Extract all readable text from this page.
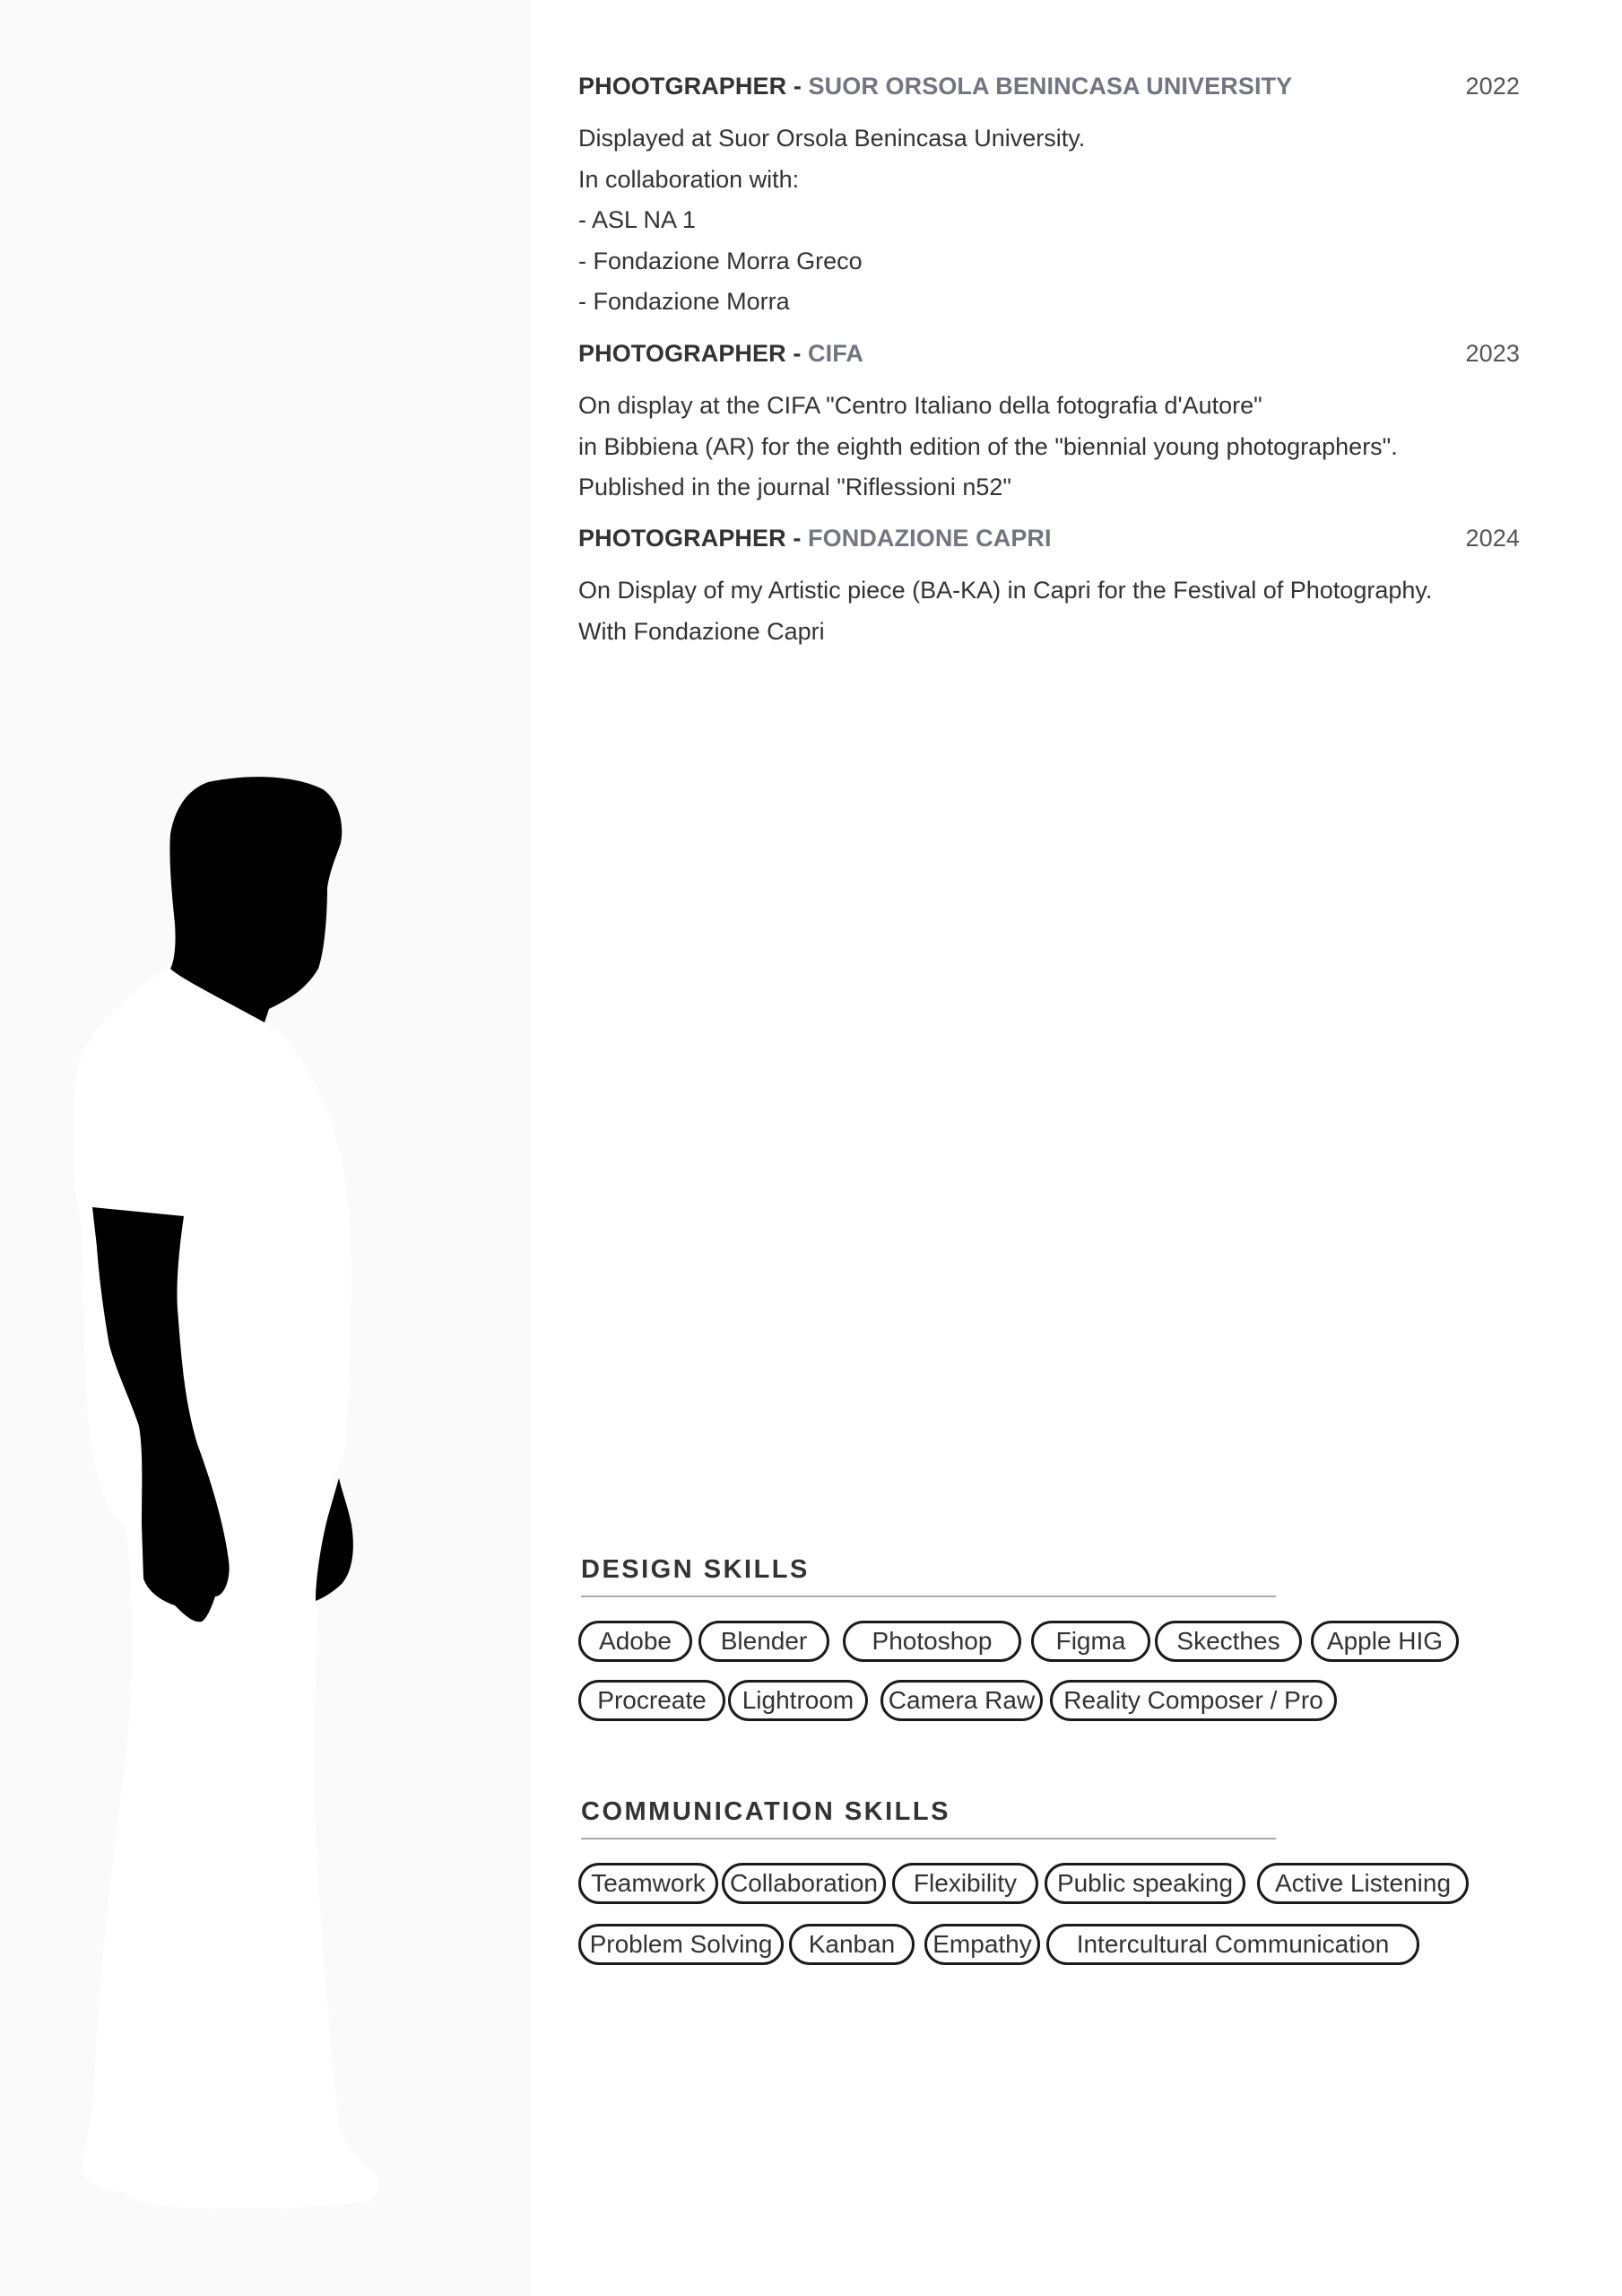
PHOOTGRAPHER - SUOR ORSOLA BENINCASA UNIVERSITY	2022
Displayed at Suor Orsola Benincasa University.
In collaboration with:
- ASL NA 1
- Fondazione Morra Greco
- Fondazione Morra
PHOTOGRAPHER - CIFA	2023
On display at the CIFA "Centro Italiano della fotografia d'Autore"
in Bibbiena (AR) for the eighth edition of the "biennial young photographers".
Published in the journal "Riflessioni n52"
PHOTOGRAPHER - FONDAZIONE CAPRI	2024
On Display of my Artistic piece (BA-KA) in Capri for the Festival of Photography.
With Fondazione Capri
DESIGN SKILLS
Adobe	Blender	Photoshop	Figma	Skecthes	Apple HIG
Procreate	Lightroom	Camera Raw	Reality Composer / Pro
COMMUNICATION SKILLS
Teamwork Collaboration	Flexibility	Public speaking	Active Listening
Problem Solving	Kanban	Empathy	Intercultural Communication
